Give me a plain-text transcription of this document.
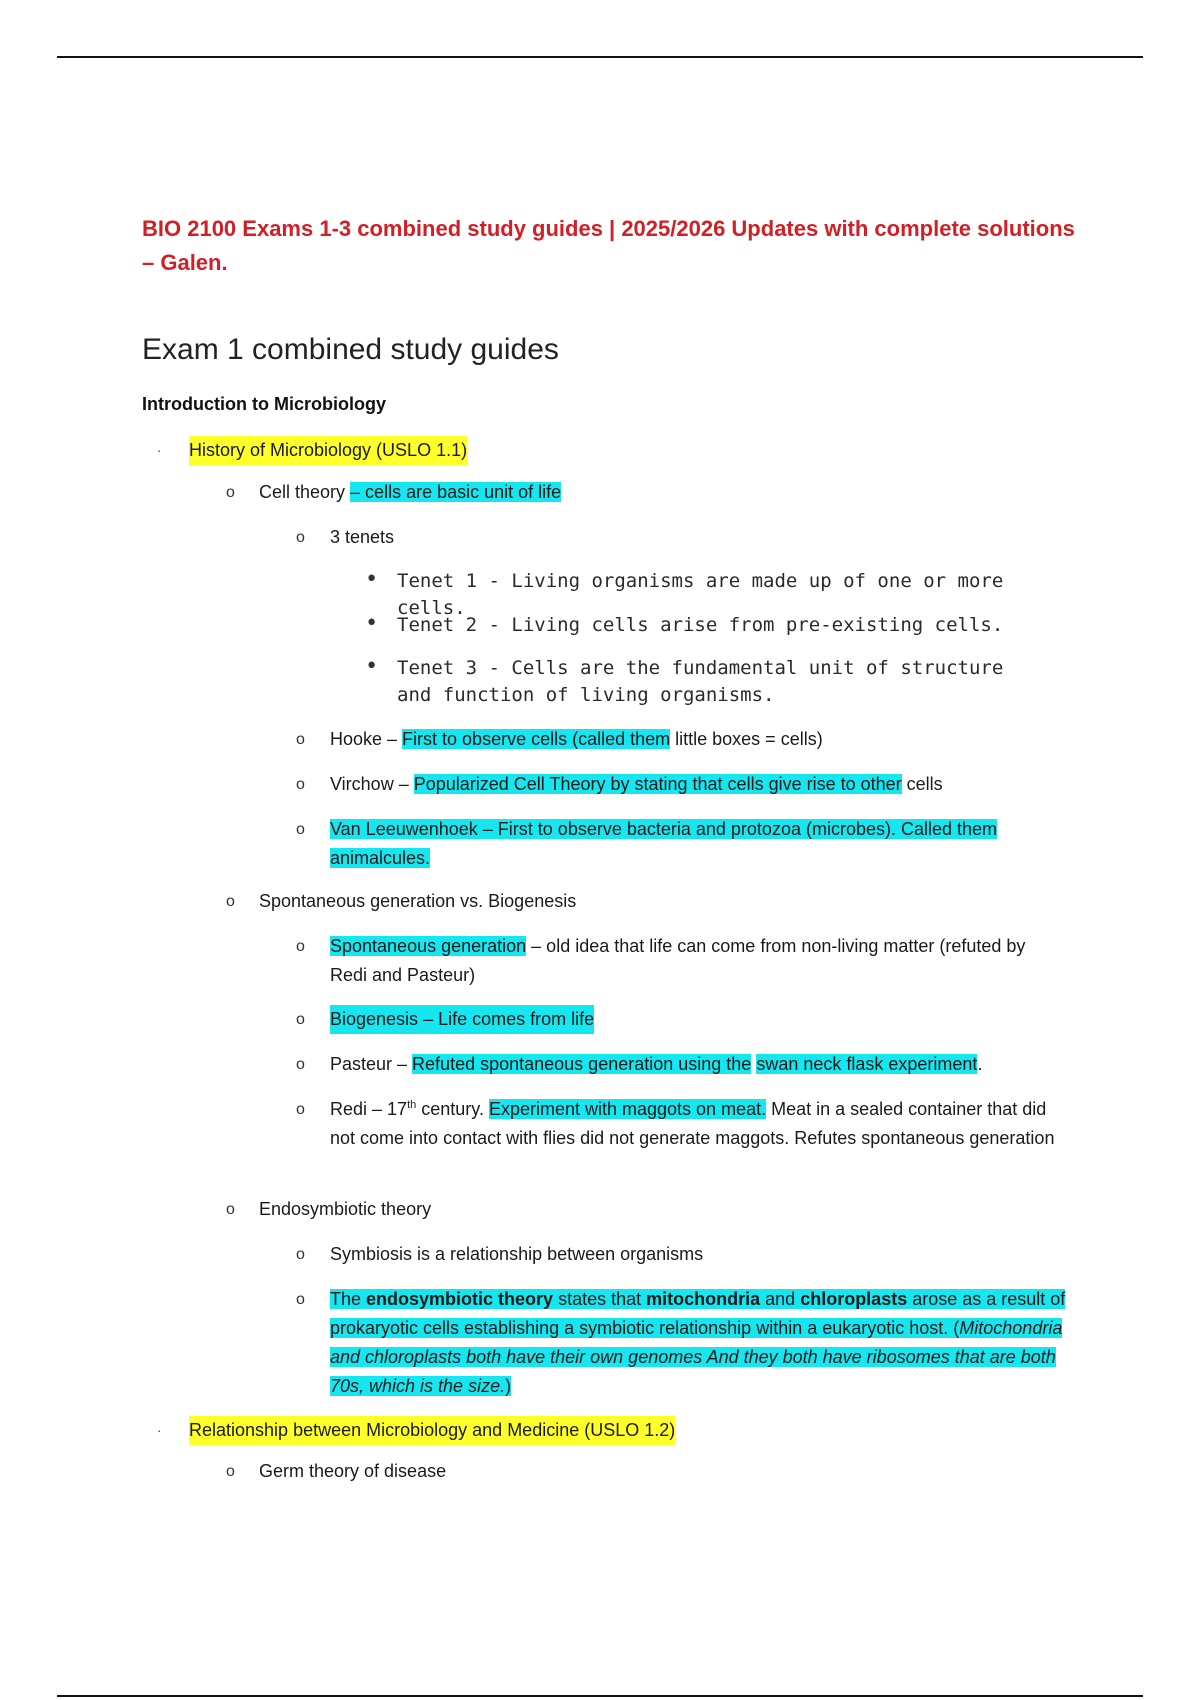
BIO 2100 Exams 1-3 combined study guides | 2025/2026 Updates with complete solutions – Galen.
Exam 1 combined study guides
Introduction to Microbiology
· History of Microbiology (USLO 1.1)
o Cell theory – cells are basic unit of life
o 3 tenets
• Tenet 1 - Living organisms are made up of one or more cells.
• Tenet 2 - Living cells arise from pre-existing cells.
• Tenet 3 - Cells are the fundamental unit of structure and function of living organisms.
o Hooke – First to observe cells (called them little boxes = cells)
o Virchow – Popularized Cell Theory by stating that cells give rise to other cells
o Van Leeuwenhoek – First to observe bacteria and protozoa (microbes). Called them animalcules.
o Spontaneous generation vs. Biogenesis
o Spontaneous generation – old idea that life can come from non-living matter (refuted by Redi and Pasteur)
o Biogenesis – Life comes from life
o Pasteur – Refuted spontaneous generation using the swan neck flask experiment.
o Redi – 17th century. Experiment with maggots on meat. Meat in a sealed container that did not come into contact with flies did not generate maggots. Refutes spontaneous generation
o Endosymbiotic theory
o Symbiosis is a relationship between organisms
o The endosymbiotic theory states that mitochondria and chloroplasts arose as a result of prokaryotic cells establishing a symbiotic relationship within a eukaryotic host. (Mitochondria and chloroplasts both have their own genomes And they both have ribosomes that are both 70s, which is the size.)
· Relationship between Microbiology and Medicine (USLO 1.2)
o Germ theory of disease
